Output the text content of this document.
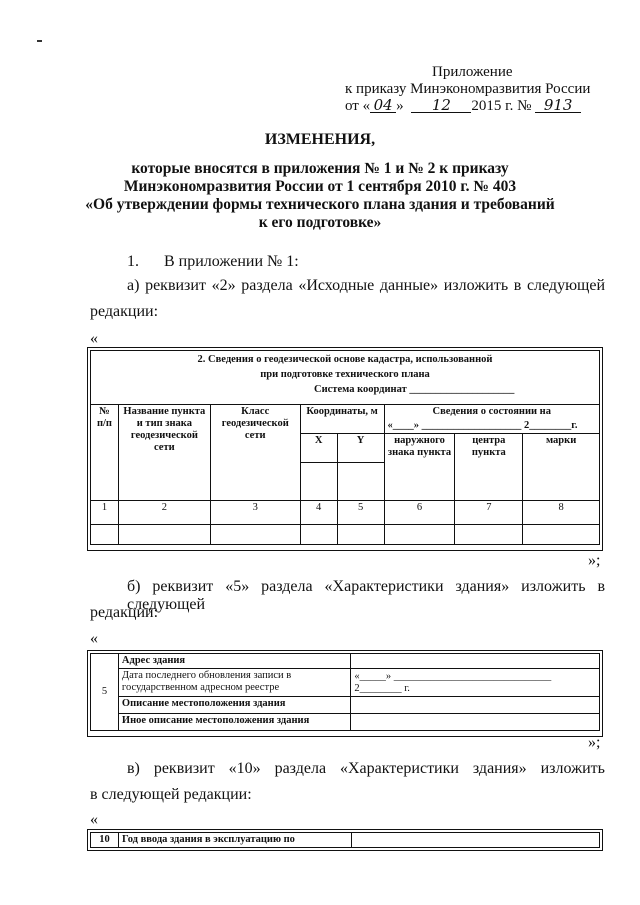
Приложение
к приказу Минэкономразвития России
от « 04 » 12 2015 г. № 913
ИЗМЕНЕНИЯ,
которые вносятся в приложения № 1 и № 2 к приказу
Минэкономразвития России от 1 сентября 2010 г. № 403
«Об утверждении формы технического плана здания и требований
к его подготовке»
1. В приложении № 1:
а) реквизит «2» раздела «Исходные данные» изложить в следующей
редакции:
«
2. Сведения о геодезической основе кадастра, использованной
при подготовке технического плана
Система координат ____________________							

№ п/п	Название пункта и тип знака геодезической сети	Класс геодезической сети	Координаты, м		Сведения о состоянии на
«____» ___________________ 2________г.		

			X	Y	наружного знака пункта	центра пункта	марки

1	2	3	4	5	6	7	8

»;
б) реквизит «5» раздела «Характеристики здания» изложить в следующей
редакции:
«
5	Адрес здания	
	Дата последнего обновления записи в государственном адресном реестре	«_____» ______________________________ 2________ г.
	Описание местоположения здания	
	Иное описание местоположения здания	
»;
в) реквизит «10» раздела «Характеристики здания» изложить
в следующей редакции:
«
10	Год ввода здания в эксплуатацию по	
